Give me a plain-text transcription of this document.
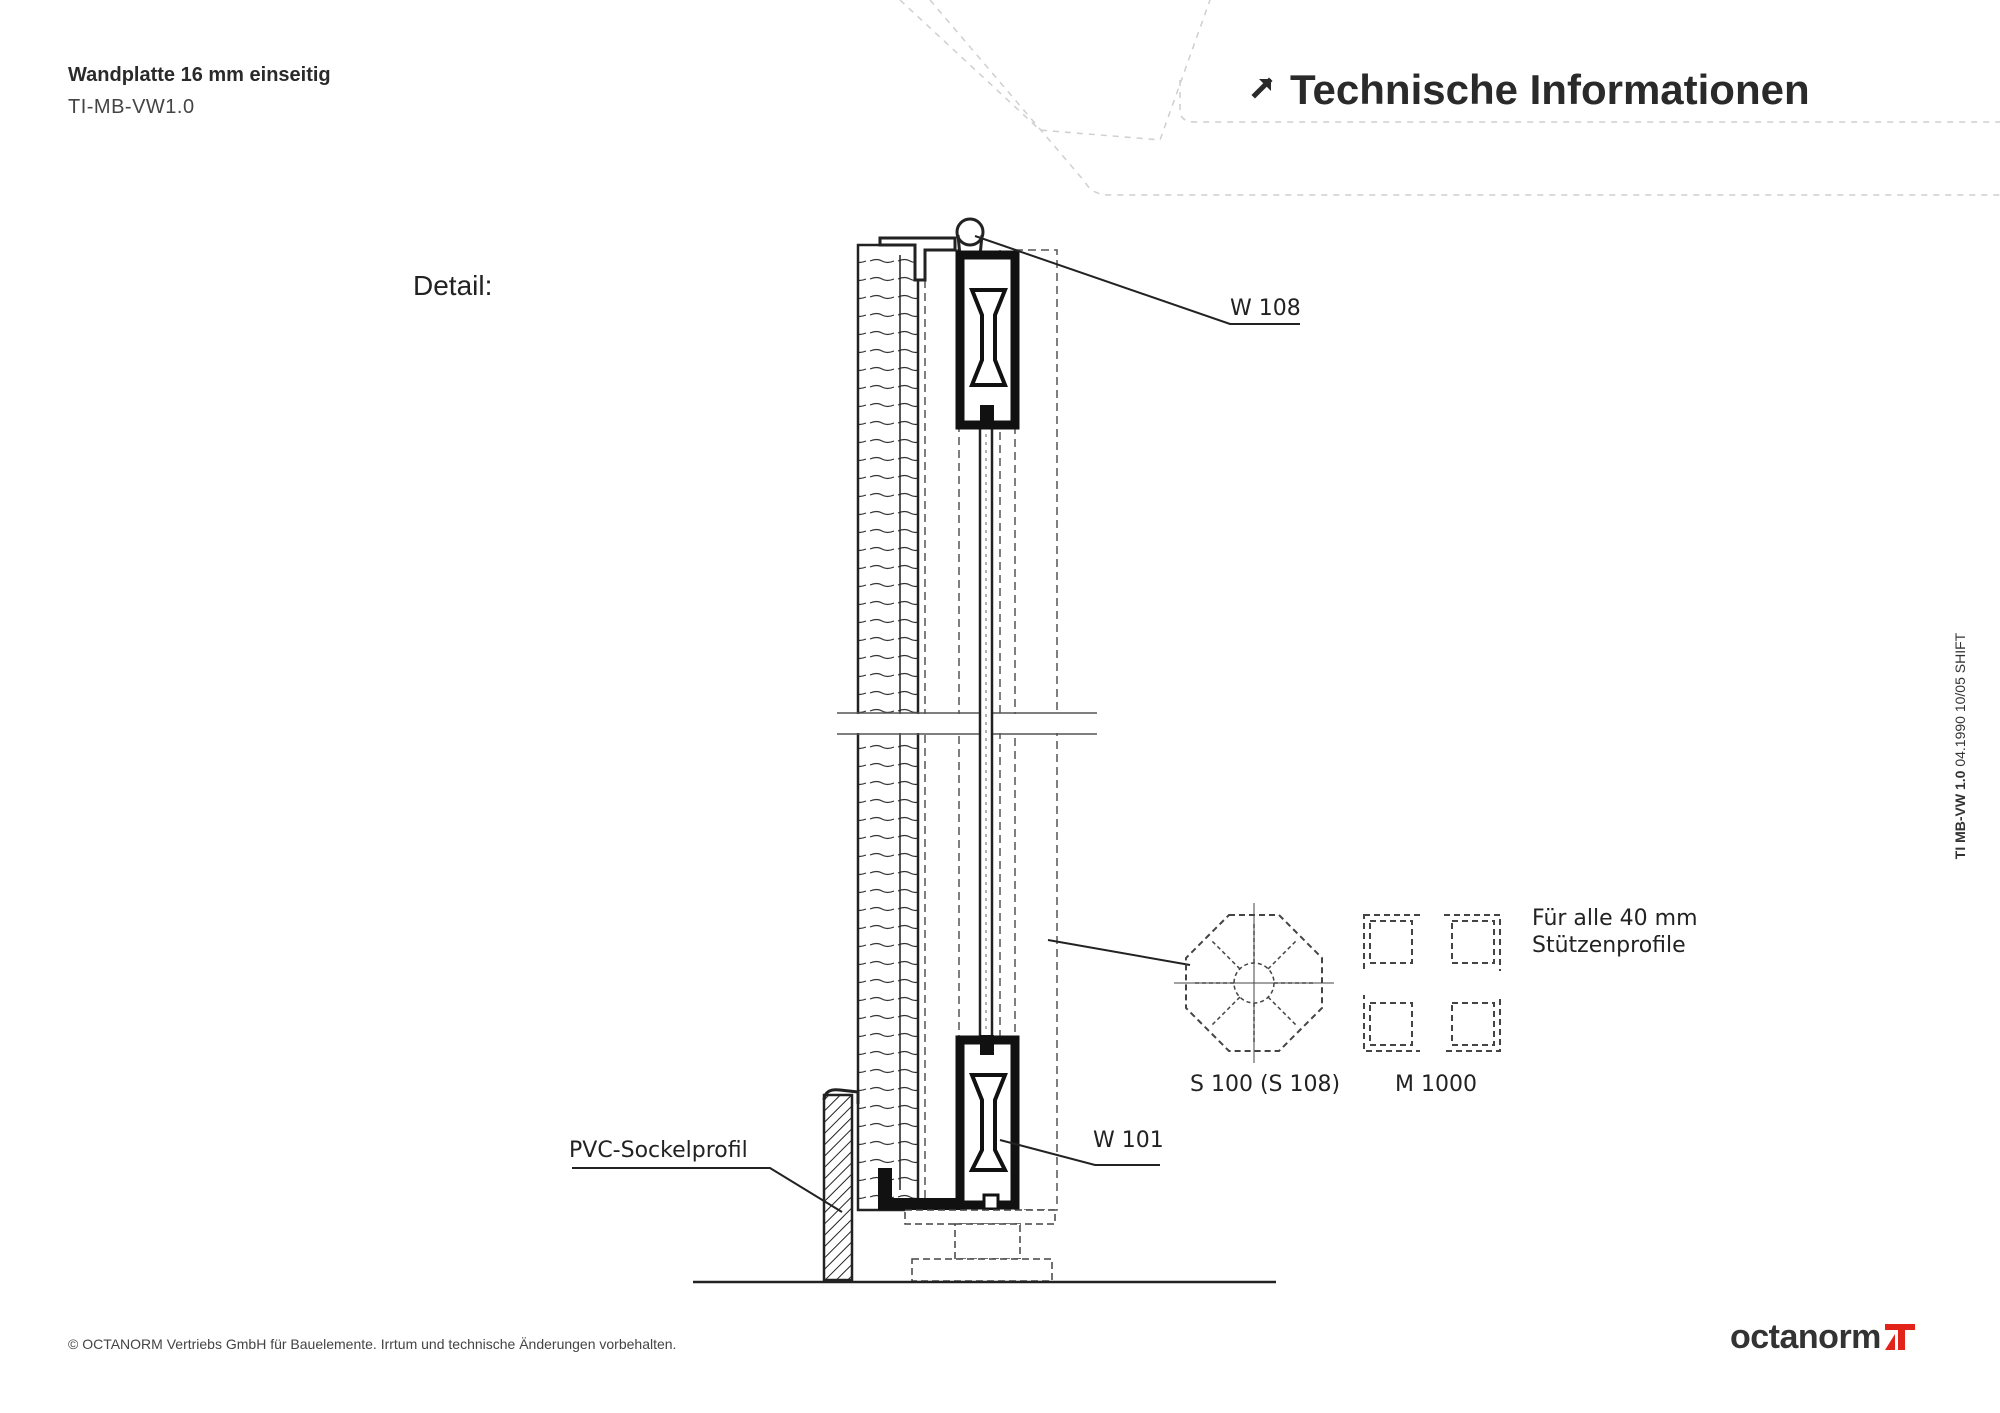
Wandplatte 16 mm einseitig
TI-MB-VW1.0	Technische Informationen
Detail:
W 108
W 101
PVC-Sockelprofil
S 100 (S 108) M 1000
Für alle 40 mm
Stützenprofile
TI MB-VW 1.0 04.1990 10/05 SHIFT
© OCTANORM Vertriebs GmbH für Bauelemente. Irrtum und technische Änderungen vorbehalten.	octanorm
